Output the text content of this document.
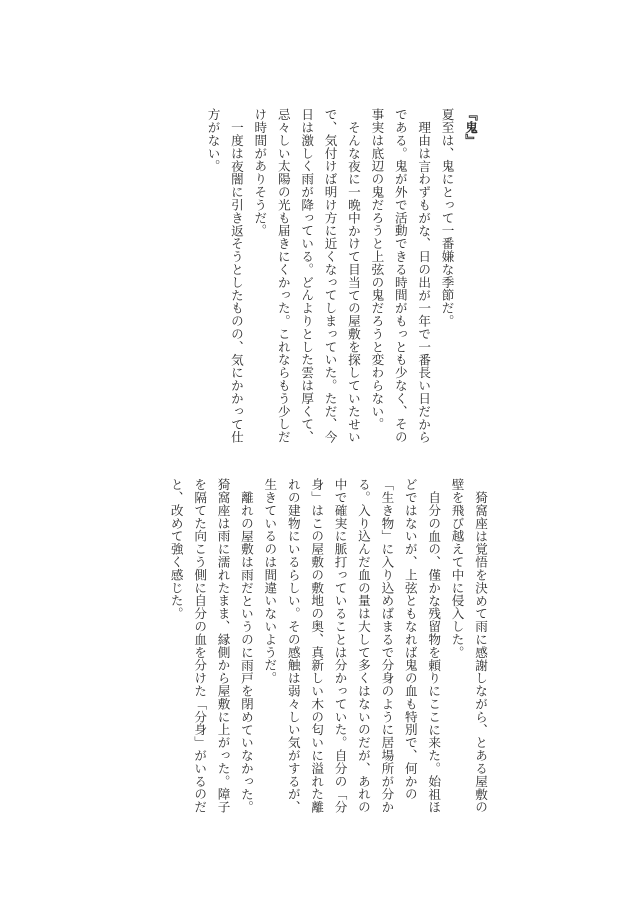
『鬼』
夏至は、鬼にとって一番嫌な季節だ。
理由は言わずもがな、日の出が一年で一番長い日だからである。鬼が外で活動できる時間がもっとも少なく、その事実は底辺の鬼だろうと上弦の鬼だろうと変わらない。
そんな夜に一晩中かけて目当ての屋敷を探していたせいで、気付けば明け方に近くなってしまっていた。ただ、今日は激しく雨が降っている。どんよりとした雲は厚くて、忌々しい太陽の光も届きにくかった。これならもう少しだけ時間がありそうだ。
一度は夜闇に引き返そうとしたものの、気にかかって仕方がない。
猗窩座は覚悟を決めて雨に感謝しながら、とある屋敷の壁を飛び越えて中に侵入した。
自分の血の、僅かな残留物を頼りにここに来た。始祖ほどではないが、上弦ともなれば鬼の血も特別で、何かの「生き物」に入り込めばまるで分身のように居場所が分かる。入り込んだ血の量は大して多くはないのだが、あれの中で確実に脈打っていることは分かっていた。自分の「分身」はこの屋敷の敷地の奥、真新しい木の匂いに溢れた離れの建物にいるらしい。その感触は弱々しい気がするが、生きているのは間違いないようだ。
離れの屋敷は雨だというのに雨戸を閉めていなかった。猗窩座は雨に濡れたまま、縁側から屋敷に上がった。障子を隔てた向こう側に自分の血を分けた「分身」がいるのだと、改めて強く感じた。
